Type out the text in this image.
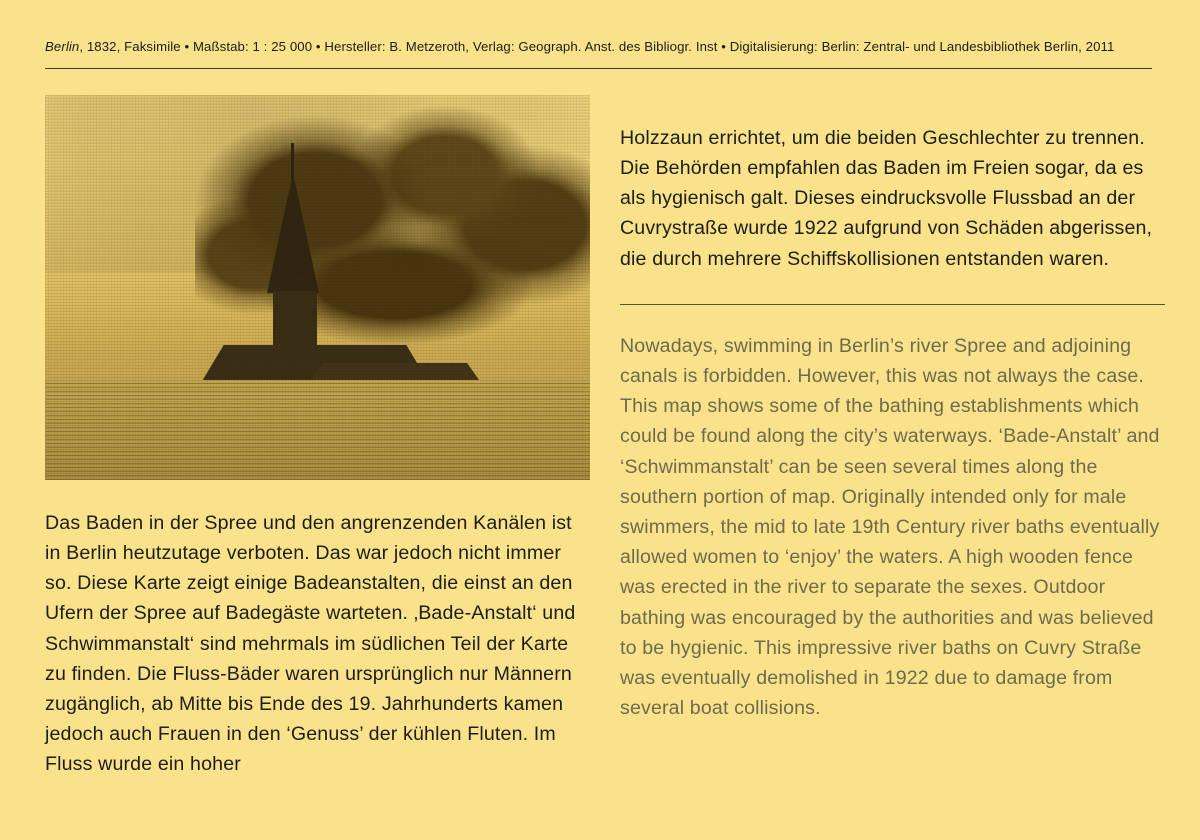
Berlin, 1832, Faksimile • Maßstab: 1 : 25 000 • Hersteller: B. Metzeroth, Verlag: Geograph. Anst. des Bibliogr. Inst • Digitalisierung: Berlin: Zentral- und Landesbibliothek Berlin, 2011

Das Baden in der Spree und den angrenzenden Kanälen ist in Berlin heutzutage verboten. Das war jedoch nicht immer so. Diese Karte zeigt einige Badeanstalten, die einst an den Ufern der Spree auf Badegäste warteten. ‚Bade-Anstalt‘ und Schwimmanstalt‘ sind mehrmals im südlichen Teil der Karte zu finden. Die Fluss-Bäder waren ursprünglich nur Männern zugänglich, ab Mitte bis Ende des 19. Jahrhunderts kamen jedoch auch Frauen in den ‘Genuss’ der kühlen Fluten. Im Fluss wurde ein hoher

Holzzaun errichtet, um die beiden Geschlechter zu trennen. Die Behörden empfahlen das Baden im Freien sogar, da es als hygienisch galt. Dieses eindrucksvolle Flussbad an der Cuvrystraße wurde 1922 aufgrund von Schäden abgerissen, die durch mehrere Schiffskollisionen entstanden waren.

Nowadays, swimming in Berlin’s river Spree and adjoining canals is forbidden. However, this was not always the case. This map shows some of the bathing establishments which could be found along the city’s waterways. ‘Bade-Anstalt’ and ‘Schwimmanstalt’ can be seen several times along the southern portion of map. Originally intended only for male swimmers, the mid to late 19th Century river baths eventually allowed women to ‘enjoy’ the waters. A high wooden fence was erected in the river to separate the sexes. Outdoor bathing was encouraged by the authorities and was believed to be hygienic. This impressive river baths on Cuvry Straße was eventually demolished in 1922 due to damage from several boat collisions.
